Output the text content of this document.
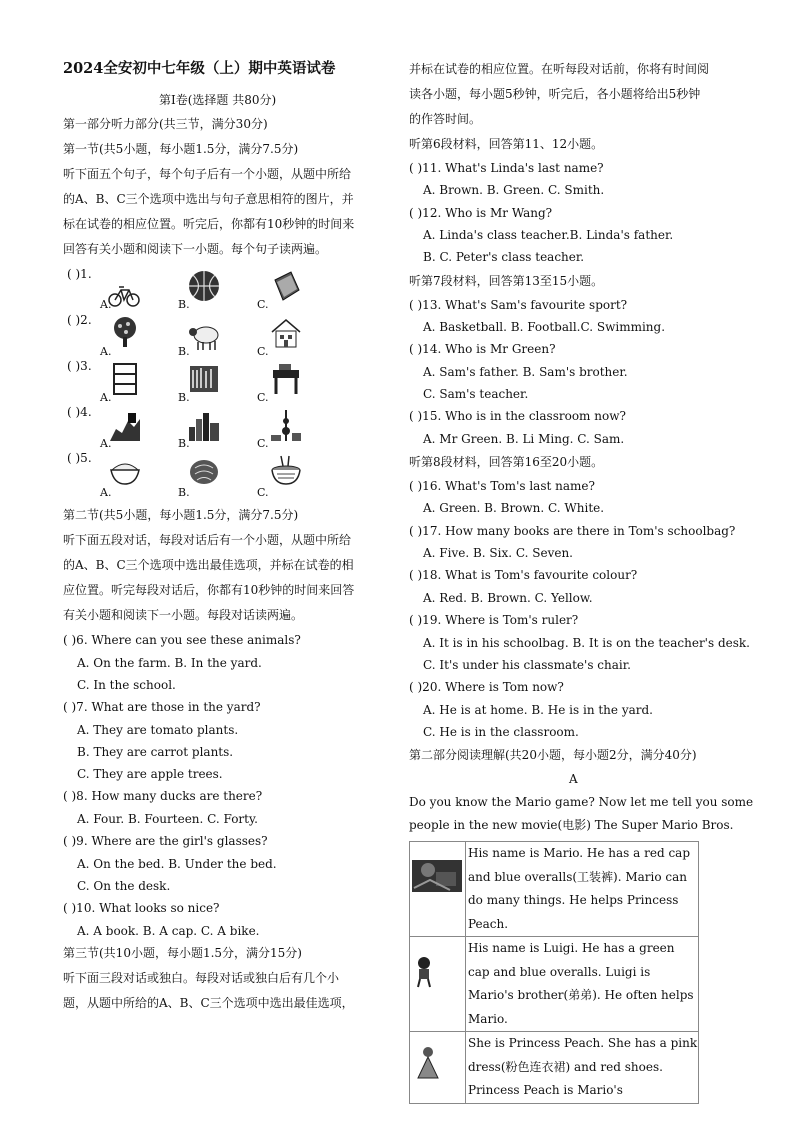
2024全安初中七年级（上）期中英语试卷
第Ⅰ卷(选择题 共80分)
第一部分听力部分(共三节，满分30分)
第一节(共5小题，每小题1.5分，满分7.5分)
听下面五个句子，每个句子后有一个小题，从题中所给
的A、B、C三个选项中选出与句子意思相符的图片，并
标在试卷的相应位置。听完后，你都有10秒钟的时间来
回答有关小题和阅读下一小题。每个句子读两遍。
( )1.
A.	B.	C.
( )2.
A.	B.	C.
( )3.
A.	B.	C.
( )4.
A.	B.	C.
( )5.
A.	B.	C.
第二节(共5小题，每小题1.5分，满分7.5分)
听下面五段对话，每段对话后有一个小题，从题中所给
的A、B、C三个选项中选出最佳选项，并标在试卷的相
应位置。听完每段对话后，你都有10秒钟的时间来回答
有关小题和阅读下一小题。每段对话读两遍。
( )6. Where can you see these animals?
A. On the farm. B. In the yard.
C. In the school.
( )7. What are those in the yard?
A. They are tomato plants.
B. They are carrot plants.
C. They are apple trees.
( )8. How many ducks are there?
A. Four. B. Fourteen. C. Forty.
( )9. Where are the girl's glasses?
A. On the bed. B. Under the bed.
C. On the desk.
( )10. What looks so nice?
A. A book. B. A cap. C. A bike.
第三节(共10小题，每小题1.5分，满分15分)
听下面三段对话或独白。每段对话或独白后有几个小
题，从题中所给的A、B、C三个选项中选出最佳选项，
并标在试卷的相应位置。在听每段对话前，你将有时间阅
读各小题，每小题5秒钟，听完后，各小题将给出5秒钟
的作答时间。
听第6段材料，回答第11、12小题。
( )11. What's Linda's last name?
A. Brown. B. Green. C. Smith.
( )12. Who is Mr Wang?
A. Linda's class teacher.B. Linda's father.
B. C. Peter's class teacher.
听第7段材料，回答第13至15小题。
( )13. What's Sam's favourite sport?
A. Basketball. B. Football.C. Swimming.
( )14. Who is Mr Green?
A. Sam's father. B. Sam's brother.
C. Sam's teacher.
( )15. Who is in the classroom now?
A. Mr Green. B. Li Ming. C. Sam.
听第8段材料，回答第16至20小题。
( )16. What's Tom's last name?
A. Green. B. Brown. C. White.
( )17. How many books are there in Tom's schoolbag?
A. Five. B. Six. C. Seven.
( )18. What is Tom's favourite colour?
A. Red. B. Brown. C. Yellow.
( )19. Where is Tom's ruler?
A. It is in his schoolbag. B. It is on the teacher's desk.
C. It's under his classmate's chair.
( )20. Where is Tom now?
A. He is at home. B. He is in the yard.
C. He is in the classroom.
第二部分阅读理解(共20小题，每小题2分，满分40分)
A
Do you know the Mario game? Now let me tell you some
people in the new movie(电影) The Super Mario Bros.
	His name is Mario. He has a red cap and blue overalls(工装裤). Mario can do many things. He helps Princess Peach.
	His name is Luigi. He has a green cap and blue overalls. Luigi is Mario's brother(弟弟). He often helps Mario.
	She is Princess Peach. She has a pink dress(粉色连衣裙) and red shoes. Princess Peach is Mario's
